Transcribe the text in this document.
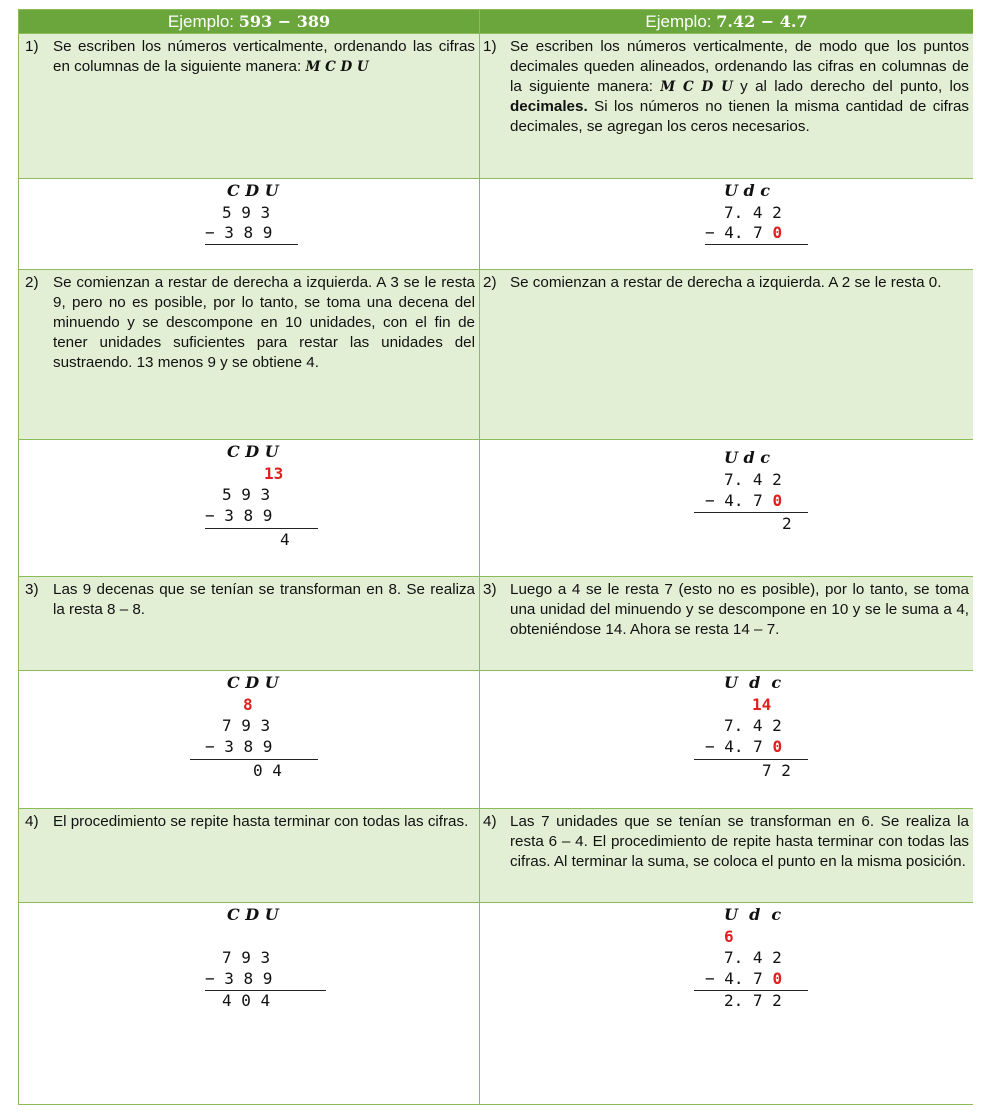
Ejemplo: 593 − 389	Ejemplo: 7.42 − 4.7
1) Se escriben los números verticalmente, ordenando las cifras en columnas de la siguiente manera: M C D U
1) Se escriben los números verticalmente, de modo que los puntos decimales queden alineados, ordenando las cifras en columnas de la siguiente manera: M C D U y al lado derecho del punto, los decimales. Si los números no tienen la misma cantidad de cifras decimales, se agregan los ceros necesarios.
C D U
5 9 3
− 3 8 9
U d c
7. 4 2
− 4. 7 0
2) Se comienzan a restar de derecha a izquierda. A 3 se le resta 9, pero no es posible, por lo tanto, se toma una decena del minuendo y se descompone en 10 unidades, con el fin de tener unidades suficientes para restar las unidades del sustraendo. 13 menos 9 y se obtiene 4.
2) Se comienzan a restar de derecha a izquierda. A 2 se le resta 0.
C D U
13
5 9 3
− 3 8 9
4
U d c
7. 4 2
− 4. 7 0
2
3) Las 9 decenas que se tenían se transforman en 8. Se realiza la resta 8 – 8.
3) Luego a 4 se le resta 7 (esto no es posible), por lo tanto, se toma una unidad del minuendo y se descompone en 10 y se le suma a 4, obteniéndose 14. Ahora se resta 14 – 7.
C D U
8
7 9 3
− 3 8 9
0 4
U  d  c
14
7. 4 2
− 4. 7 0
7 2
4) El procedimiento se repite hasta terminar con todas las cifras. 4) Las 7 unidades que se tenían se transforman en 6. Se realiza la resta 6 – 4. El procedimiento de repite hasta terminar con todas las cifras. Al terminar la suma, se coloca el punto en la misma posición.
C D U
7 9 3
− 3 8 9
4 0 4
U  d  c
6
7. 4 2
− 4. 7 0
2. 7 2
